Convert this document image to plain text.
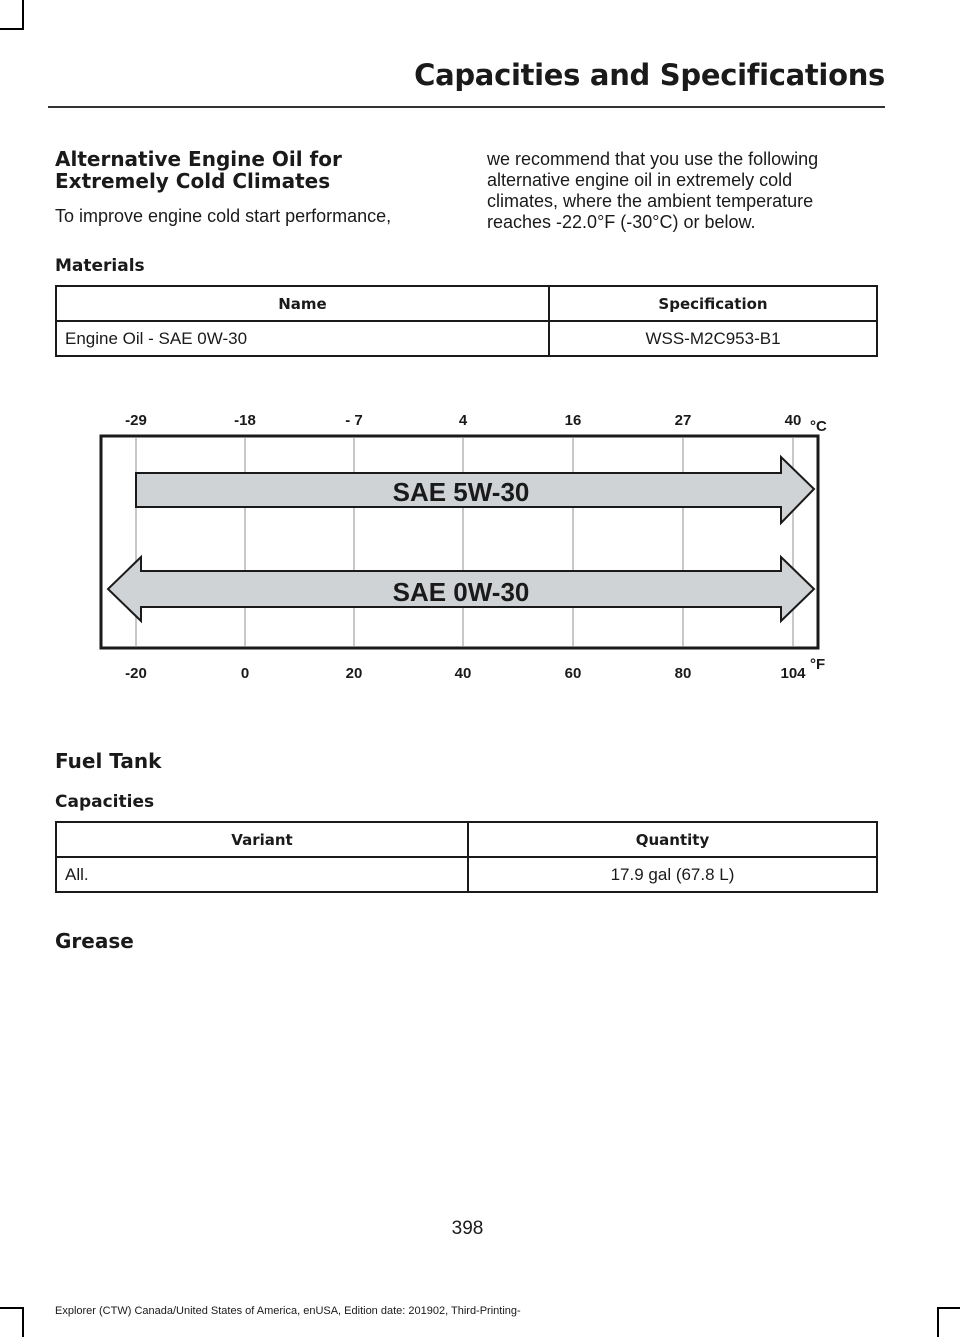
Capacities and Specifications
Alternative Engine Oil for
Extremely Cold Climates

To improve engine cold start performance,

we recommend that you use the following
alternative engine oil in extremely cold
climates, where the ambient temperature
reaches -22.0°F (-30°C) or below.

Materials
Name	Specification
Engine Oil - SAE 0W-30	WSS-M2C953-B1
SAE 5W-30
SAE 0W-30
-29	-18	- 7	4	16	27	40
-20	0	20	40	60	80	104
°C
°F
Fuel Tank
Capacities
Variant	Quantity
All.	17.9 gal (67.8 L)
Grease
398
Explorer (CTW) Canada/United States of America, enUSA, Edition date: 201902, Third-Printing-
